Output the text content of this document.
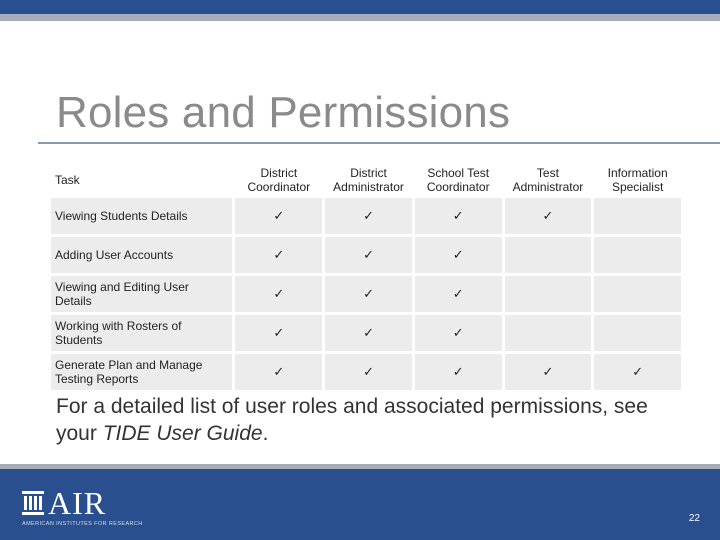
Roles and Permissions
Task	District Coordinator	District Administrator	School Test Coordinator	Test Administrator	Information Specialist

Viewing Students Details	✓	✓	✓	✓	
Adding User Accounts	✓	✓	✓		
Viewing and Editing User Details	✓	✓	✓		
Working with Rosters of Students	✓	✓	✓		
Generate Plan and Manage Testing Reports	✓	✓	✓	✓	✓

For a detailed list of user roles and associated permissions, see your TIDE User Guide.

AIR
AMERICAN INSTITUTES FOR RESEARCH	22
